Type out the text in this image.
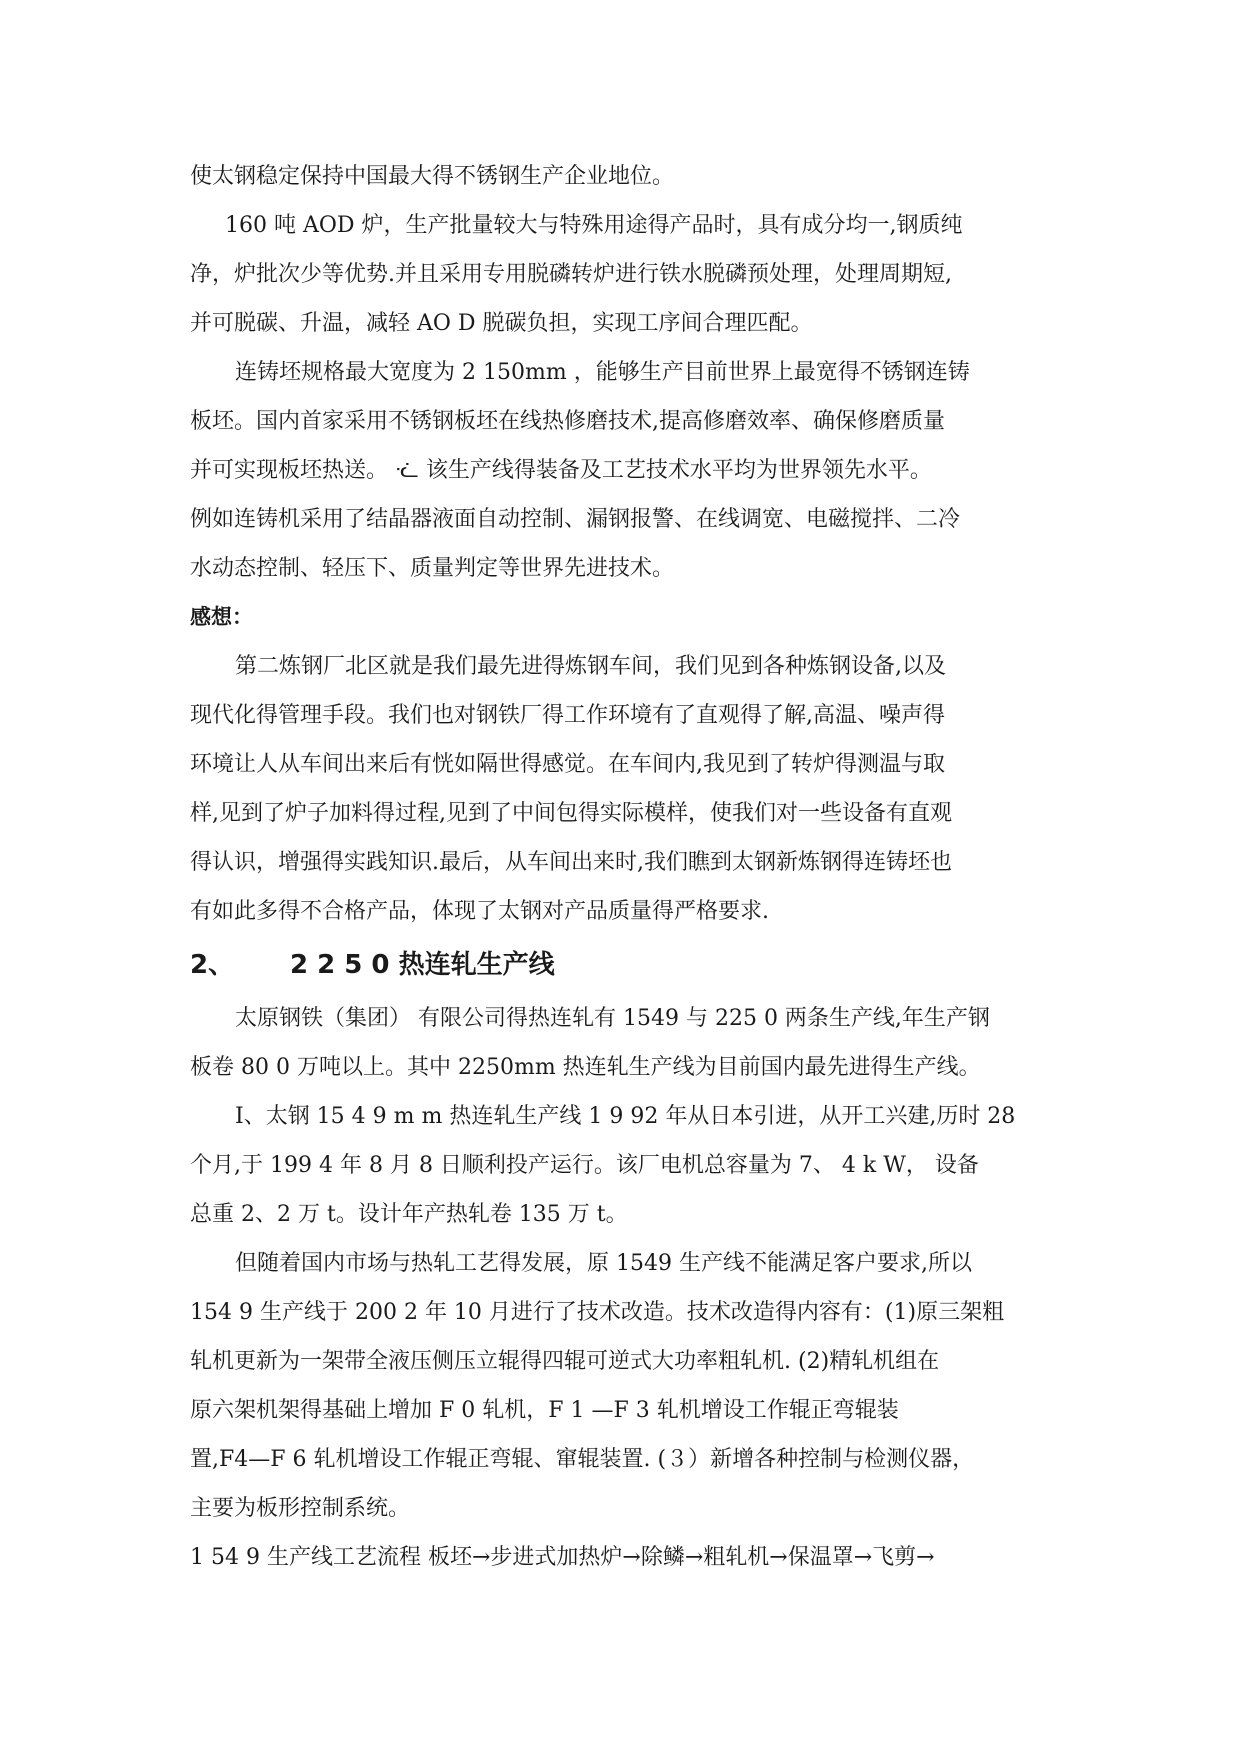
使太钢稳定保持中国最大得不锈钢生产企业地位。
160 吨 AOD 炉，生产批量较大与特殊用途得产品时，具有成分均一,钢质纯
净，炉批次少等优势.并且采用专用脱磷转炉进行铁水脱磷预处理，处理周期短,
并可脱碳、升温，减轻 AO D 脱碳负担，实现工序间合理匹配。
连铸坯规格最大宽度为 2 150mm ，能够生产目前世界上最宽得不锈钢连铸
板坯。国内首家采用不锈钢板坯在线热修磨技术,提高修磨效率、确保修磨质量
并可实现板坯热送。 ᓨ 该生产线得装备及工艺技术水平均为世界领先水平。
例如连铸机采用了结晶器液面自动控制、漏钢报警、在线调宽、电磁搅拌、二冷
水动态控制、轻压下、质量判定等世界先进技术。
感想：
第二炼钢厂北区就是我们最先进得炼钢车间，我们见到各种炼钢设备,以及
现代化得管理手段。我们也对钢铁厂得工作环境有了直观得了解,高温、噪声得
环境让人从车间出来后有恍如隔世得感觉。在车间内,我见到了转炉得测温与取
样,见到了炉子加料得过程,见到了中间包得实际模样，使我们对一些设备有直观
得认识，增强得实践知识.最后，从车间出来时,我们瞧到太钢新炼钢得连铸坯也
有如此多得不合格产品，体现了太钢对产品质量得严格要求.
2、 2 2 5 0 热连轧生产线
太原钢铁（集团） 有限公司得热连轧有 1549 与 225 0 两条生产线,年生产钢
板卷 80 0 万吨以上。其中 2250mm 热连轧生产线为目前国内最先进得生产线。
Ⅰ、太钢 15 4 9 m m 热连轧生产线 1 9 92 年从日本引进，从开工兴建,历时 28
个月,于 199 4 年 8 月 8 日顺利投产运行。该厂电机总容量为 7、 4 k W， 设备
总重 2、2 万 t。设计年产热轧卷 135 万 t。
但随着国内市场与热轧工艺得发展，原 1549 生产线不能满足客户要求,所以
154 9 生产线于 200 2 年 10 月进行了技术改造。技术改造得内容有：(1)原三架粗
轧机更新为一架带全液压侧压立辊得四辊可逆式大功率粗轧机. (2)精轧机组在
原六架机架得基础上增加 F 0 轧机，F 1 —F 3 轧机增设工作辊正弯辊装
置,F4—F 6 轧机增设工作辊正弯辊、窜辊装置. (３）新增各种控制与检测仪器，
主要为板形控制系统。
1 54 9 生产线工艺流程 板坯→步进式加热炉→除鳞→粗轧机→保温罩→飞剪→
